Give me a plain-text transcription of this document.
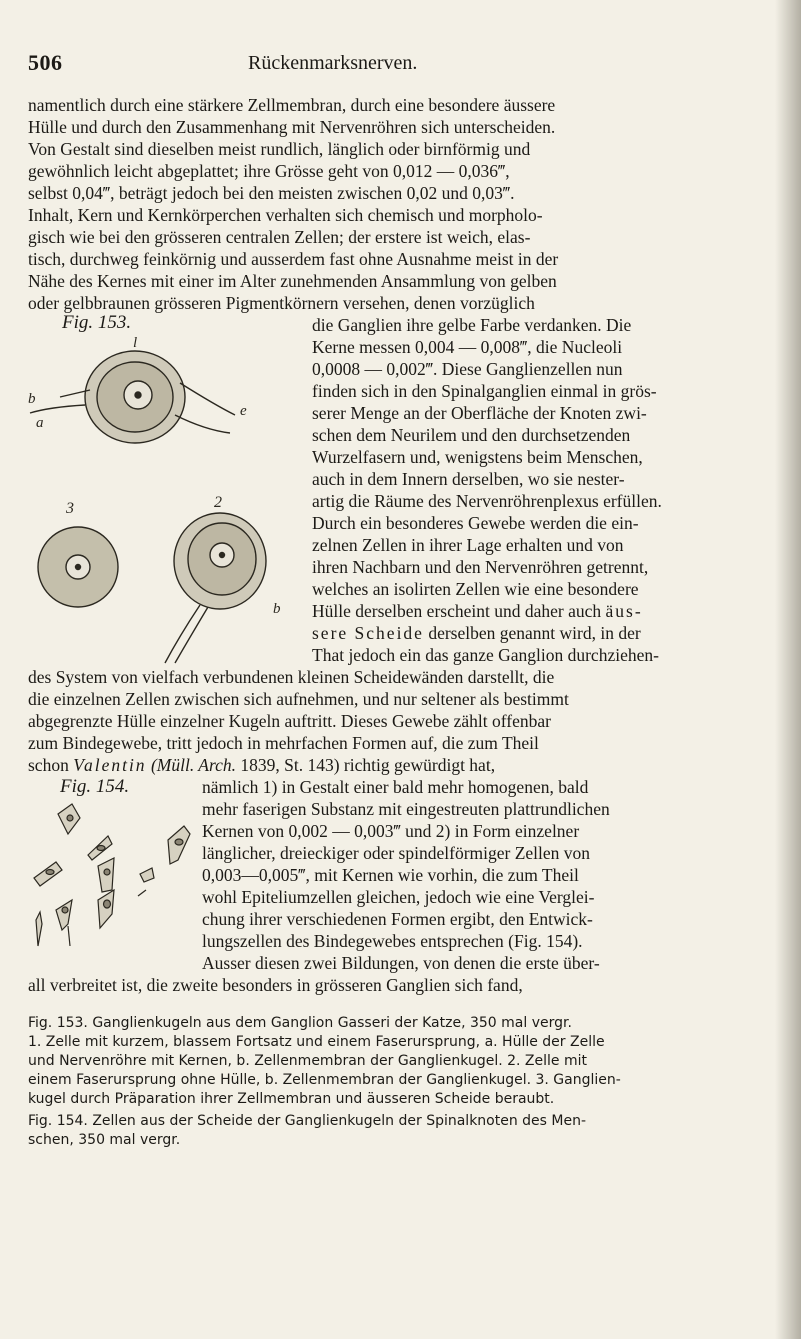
506	Rückenmarksnerven.
namentlich durch eine stärkere Zellmembran, durch eine besondere äussere
Hülle und durch den Zusammenhang mit Nervenröhren sich unterscheiden.
Von Gestalt sind dieselben meist rundlich, länglich oder birnförmig und
gewöhnlich leicht abgeplattet; ihre Grösse geht von 0,012 — 0,036‴,
selbst 0,04‴, beträgt jedoch bei den meisten zwischen 0,02 und 0,03‴.
Inhalt, Kern und Kernkörperchen verhalten sich chemisch und morpholo-
gisch wie bei den grösseren centralen Zellen; der erstere ist weich, elas-
tisch, durchweg feinkörnig und ausserdem fast ohne Ausnahme meist in der
Nähe des Kernes mit einer im Alter zunehmenden Ansammlung von gelben
oder gelbbraunen grösseren Pigmentkörnern versehen, denen vorzüglich
Fig. 153.
l
e
b
a
3	2
b
die Ganglien ihre gelbe Farbe verdanken. Die
Kerne messen 0,004 — 0,008‴, die Nucleoli
0,0008 — 0,002‴. Diese Ganglienzellen nun
finden sich in den Spinalganglien einmal in grös-
serer Menge an der Oberfläche der Knoten zwi-
schen dem Neurilem und den durchsetzenden
Wurzelfasern und, wenigstens beim Menschen,
auch in dem Innern derselben, wo sie nester-
artig die Räume des Nervenröhrenplexus erfüllen.
Durch ein besonderes Gewebe werden die ein-
zelnen Zellen in ihrer Lage erhalten und von
ihren Nachbarn und den Nervenröhren getrennt,
welches an isolirten Zellen wie eine besondere
Hülle derselben erscheint und daher auch äus-
sere Scheide derselben genannt wird, in der
That jedoch ein das ganze Ganglion durchziehen-
des System von vielfach verbundenen kleinen Scheidewänden darstellt, die
die einzelnen Zellen zwischen sich aufnehmen, und nur seltener als bestimmt
abgegrenzte Hülle einzelner Kugeln auftritt. Dieses Gewebe zählt offenbar
zum Bindegewebe, tritt jedoch in mehrfachen Formen auf, die zum Theil
schon Valentin (Müll. Arch. 1839, St. 143) richtig gewürdigt hat,
Fig. 154.	nämlich 1) in Gestalt einer bald mehr homogenen, bald
mehr faserigen Substanz mit eingestreuten plattrundlichen
Kernen von 0,002 — 0,003‴ und 2) in Form einzelner
länglicher, dreieckiger oder spindelförmiger Zellen von
0,003—0,005‴, mit Kernen wie vorhin, die zum Theil
wohl Epiteliumzellen gleichen, jedoch wie eine Verglei-
chung ihrer verschiedenen Formen ergibt, den Entwick-
lungszellen des Bindegewebes entsprechen (Fig. 154).
Ausser diesen zwei Bildungen, von denen die erste über-
all verbreitet ist, die zweite besonders in grösseren Ganglien sich fand,
Fig. 153. Ganglienkugeln aus dem Ganglion Gasseri der Katze, 350 mal vergr.
1. Zelle mit kurzem, blassem Fortsatz und einem Faserursprung, a. Hülle der Zelle
und Nervenröhre mit Kernen, b. Zellenmembran der Ganglienkugel. 2. Zelle mit
einem Faserursprung ohne Hülle, b. Zellenmembran der Ganglienkugel. 3. Ganglien-
kugel durch Präparation ihrer Zellmembran und äusseren Scheide beraubt.
Fig. 154. Zellen aus der Scheide der Ganglienkugeln der Spinalknoten des Men-
schen, 350 mal vergr.
